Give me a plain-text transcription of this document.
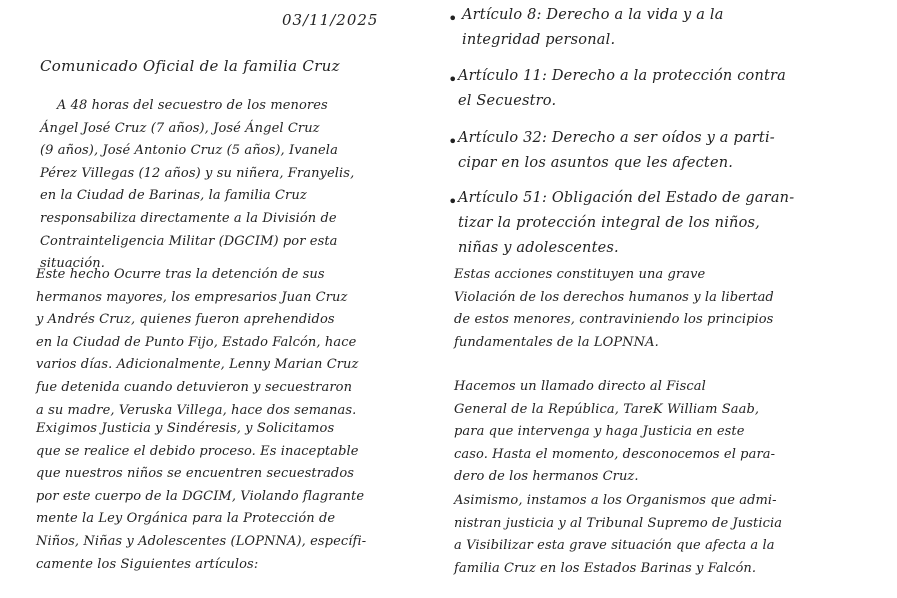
03/11/2025
Comunicado Oficial de la familia Cruz

A 48 horas del secuestro de los menores
Ángel José Cruz (7 años), José Ángel Cruz
(9 años), José Antonio Cruz (5 años), Ivanela
Pérez Villegas (12 años) y su niñera, Franyelis,
en la Ciudad de Barinas, la familia Cruz
responsabiliza directamente a la División de
Contrainteligencia Militar (DGCIM) por esta
situación.

Este hecho Ocurre tras la detención de sus
hermanos mayores, los empresarios Juan Cruz
y Andrés Cruz, quienes fueron aprehendidos
en la Ciudad de Punto Fijo, Estado Falcón, hace
varios días. Adicionalmente, Lenny Marian Cruz
fue detenida cuando detuvieron y secuestraron
a su madre, Veruska Villega, hace dos semanas.

Exigimos Justicia y Sindéresis, y Solicitamos
que se realice el debido proceso. Es inaceptable
que nuestros niños se encuentren secuestrados
por este cuerpo de la DGCIM, Violando flagrante
mente la Ley Orgánica para la Protección de
Niños, Niñas y Adolescentes (LOPNNA), específi-
camente los Siguientes artículos:

• Artículo 8: Derecho a la vida y a la
integridad personal.

• Artículo 11: Derecho a la protección contra
el Secuestro.

• Artículo 32: Derecho a ser oídos y a parti-
cipar en los asuntos que les afecten.

• Artículo 51: Obligación del Estado de garan-
tizar la protección integral de los niños,
niñas y adolescentes.

Estas acciones constituyen una grave
Violación de los derechos humanos y la libertad
de estos menores, contraviniendo los principios
fundamentales de la LOPNNA.

Hacemos un llamado directo al Fiscal
General de la República, TareK William Saab,
para que intervenga y haga Justicia en este
caso. Hasta el momento, desconocemos el para-
dero de los hermanos Cruz.

Asimismo, instamos a los Organismos que admi-
nistran justicia y al Tribunal Supremo de Justicia
a Visibilizar esta grave situación que afecta a la
familia Cruz en los Estados Barinas y Falcón.
